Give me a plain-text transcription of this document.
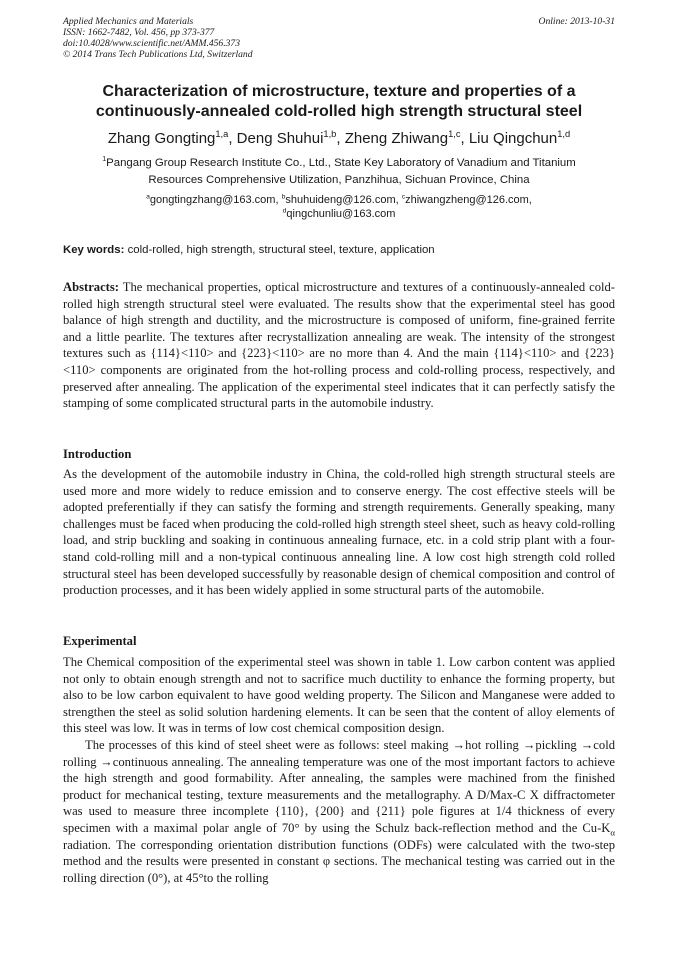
Applied Mechanics and Materials
ISSN: 1662-7482, Vol. 456, pp 373-377
doi:10.4028/www.scientific.net/AMM.456.373
© 2014 Trans Tech Publications Ltd, Switzerland
Online: 2013-10-31
Characterization of microstructure, texture and properties of a
continuously-annealed cold-rolled high strength structural steel
Zhang Gongting$^{1,a}$, Deng Shuhui$^{1,b}$, Zheng Zhiwang$^{1,c}$, Liu Qingchun$^{1,d}$
$^1$Pangang Group Research Institute Co., Ltd., State Key Laboratory of Vanadium and Titanium
Resources Comprehensive Utilization, Panzhihua, Sichuan Province, China
$^a$gongtingzhang@163.com, $^b$shuhuideng@126.com, $^c$zhiwangzheng@126.com,
$^d$qingchunliu@163.com
Key words: cold-rolled, high strength, structural steel, texture, application

Abstracts: The mechanical properties, optical microstructure and textures of a continuously-annealed cold-rolled high strength structural steel were evaluated. The results show that the experimental steel has good balance of high strength and ductility, and the microstructure is composed of uniform, fine-grained ferrite and a little pearlite. The textures after recrystallization annealing are weak. The intensity of the strongest textures such as {114}<110> and {223}<110> are no more than 4. And the main {114}<110> and {223}<110> components are originated from the hot-rolling process and cold-rolling process, respectively, and preserved after annealing. The application of the experimental steel indicates that it can perfectly satisfy the stamping of some complicated structural parts in the automobile industry.

Introduction

As the development of the automobile industry in China, the cold-rolled high strength structural steels are used more and more widely to reduce emission and to conserve energy. The cost effective steels will be adopted preferentially if they can satisfy the forming and strength requirements. Generally speaking, many challenges must be faced when producing the cold-rolled high strength steel sheet, such as heavy cold-rolling load, and strip buckling and soaking in continuous annealing furnace, etc. in a cold strip plant with a four-stand cold-rolling mill and a non-typical continuous annealing line. A low cost high strength cold rolled structural steel has been developed successfully by reasonable design of chemical composition and control of production processes, and it has been widely applied in some structural parts of the automobile.

Experimental

The Chemical composition of the experimental steel was shown in table 1. Low carbon content was applied not only to obtain enough strength and not to sacrifice much ductility to enhance the forming property, but also to be low carbon equivalent to have good welding property. The Silicon and Manganese were added to strengthen the steel as solid solution hardening elements. It can be seen that the content of alloy elements of this steel was low. It was in terms of low cost chemical composition design.

The processes of this kind of steel sheet were as follows: steel making →hot rolling →pickling →cold rolling →continuous annealing. The annealing temperature was one of the most important factors to achieve the high strength and good formability. After annealing, the samples were machined from the finished product for mechanical testing, texture measurements and the metallography. A D/Max-C X diffractometer was used to measure three incomplete {110}, {200} and {211} pole figures at 1/4 thickness of every specimen with a maximal polar angle of 70° by using the Schulz back-reflection method and the $Cu-K_\alpha$ radiation. The corresponding orientation distribution functions (ODFs) were calculated with the two-step method and the results were presented in constant φ sections. The mechanical testing was carried out in the rolling direction (0°), at 45°to the rolling
